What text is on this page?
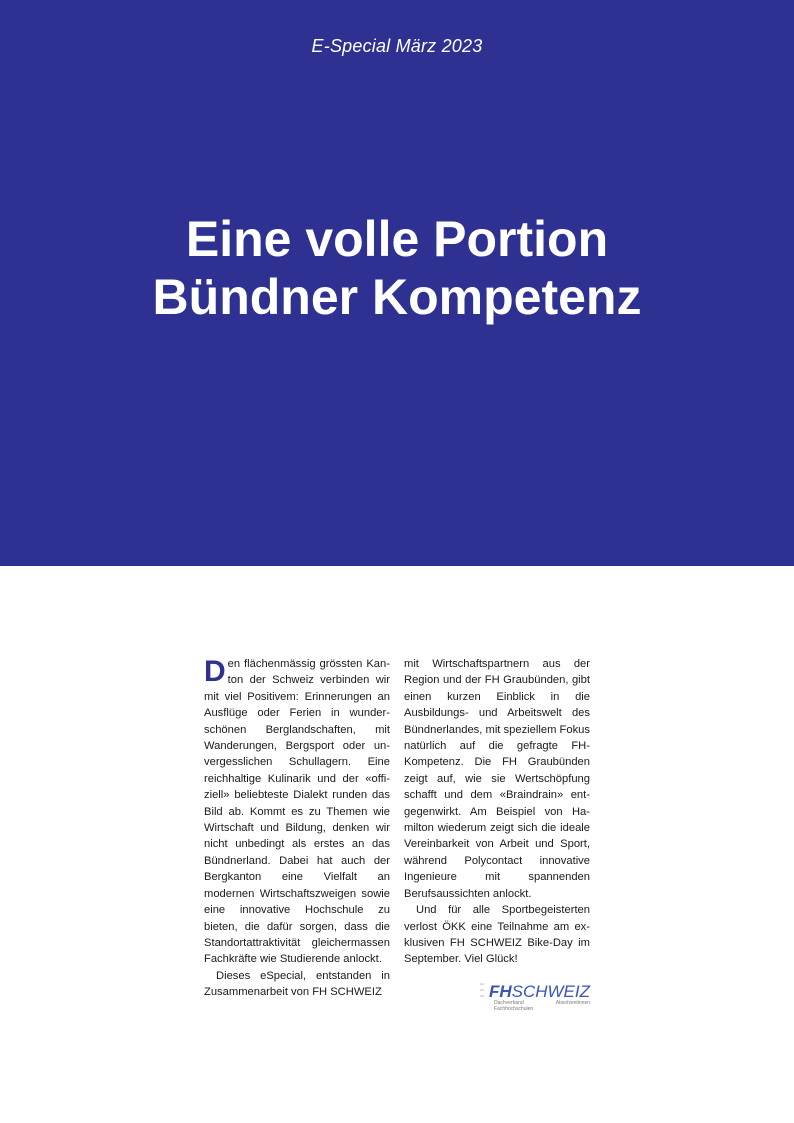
E-Special März 2023
Eine volle Portion
Bündner Kompetenz

Den flächenmässig grössten Kanton der Schweiz verbinden wir mit viel Positivem: Erinnerungen an Ausflüge oder Ferien in wunderschönen Berglandschaften, mit Wanderungen, Bergsport oder unvergesslichen Schullagern. Eine reichhaltige Kulinarik und der «offiziell» beliebteste Dialekt runden das Bild ab. Kommt es zu Themen wie Wirtschaft und Bildung, denken wir nicht unbedingt als erstes an das Bündnerland. Dabei hat auch der Bergkanton eine Vielfalt an modernen Wirtschaftszweigen sowie eine innovative Hochschule zu bieten, die dafür sorgen, dass die Standortattraktivität gleichermassen Fachkräfte wie Studierende anlockt.

Dieses eSpecial, entstanden in Zusammenarbeit von FH SCHWEIZ

mit Wirtschaftspartnern aus der Region und der FH Graubünden, gibt einen kurzen Einblick in die Ausbildungs- und Arbeitswelt des Bündnerlandes, mit speziellem Fokus natürlich auf die gefragte FH-Kompetenz. Die FH Graubünden zeigt auf, wie sie Wertschöpfung schafft und dem «Braindrain» entgegenwirkt. Am Beispiel von Hamilton wiederum zeigt sich die ideale Vereinbarkeit von Arbeit und Sport, während Polycontact innovative Ingenieure mit spannenden Berufsaussichten anlockt.

Und für alle Sportbegeisterten verlost ÖKK eine Teilnahme am exklusiven FH SCHWEIZ Bike-Day im September. Viel Glück!

▫▫
▫▫
▫▫ FH SCHWEIZ
Dachverband Absolventinnen Fachhochschulen
